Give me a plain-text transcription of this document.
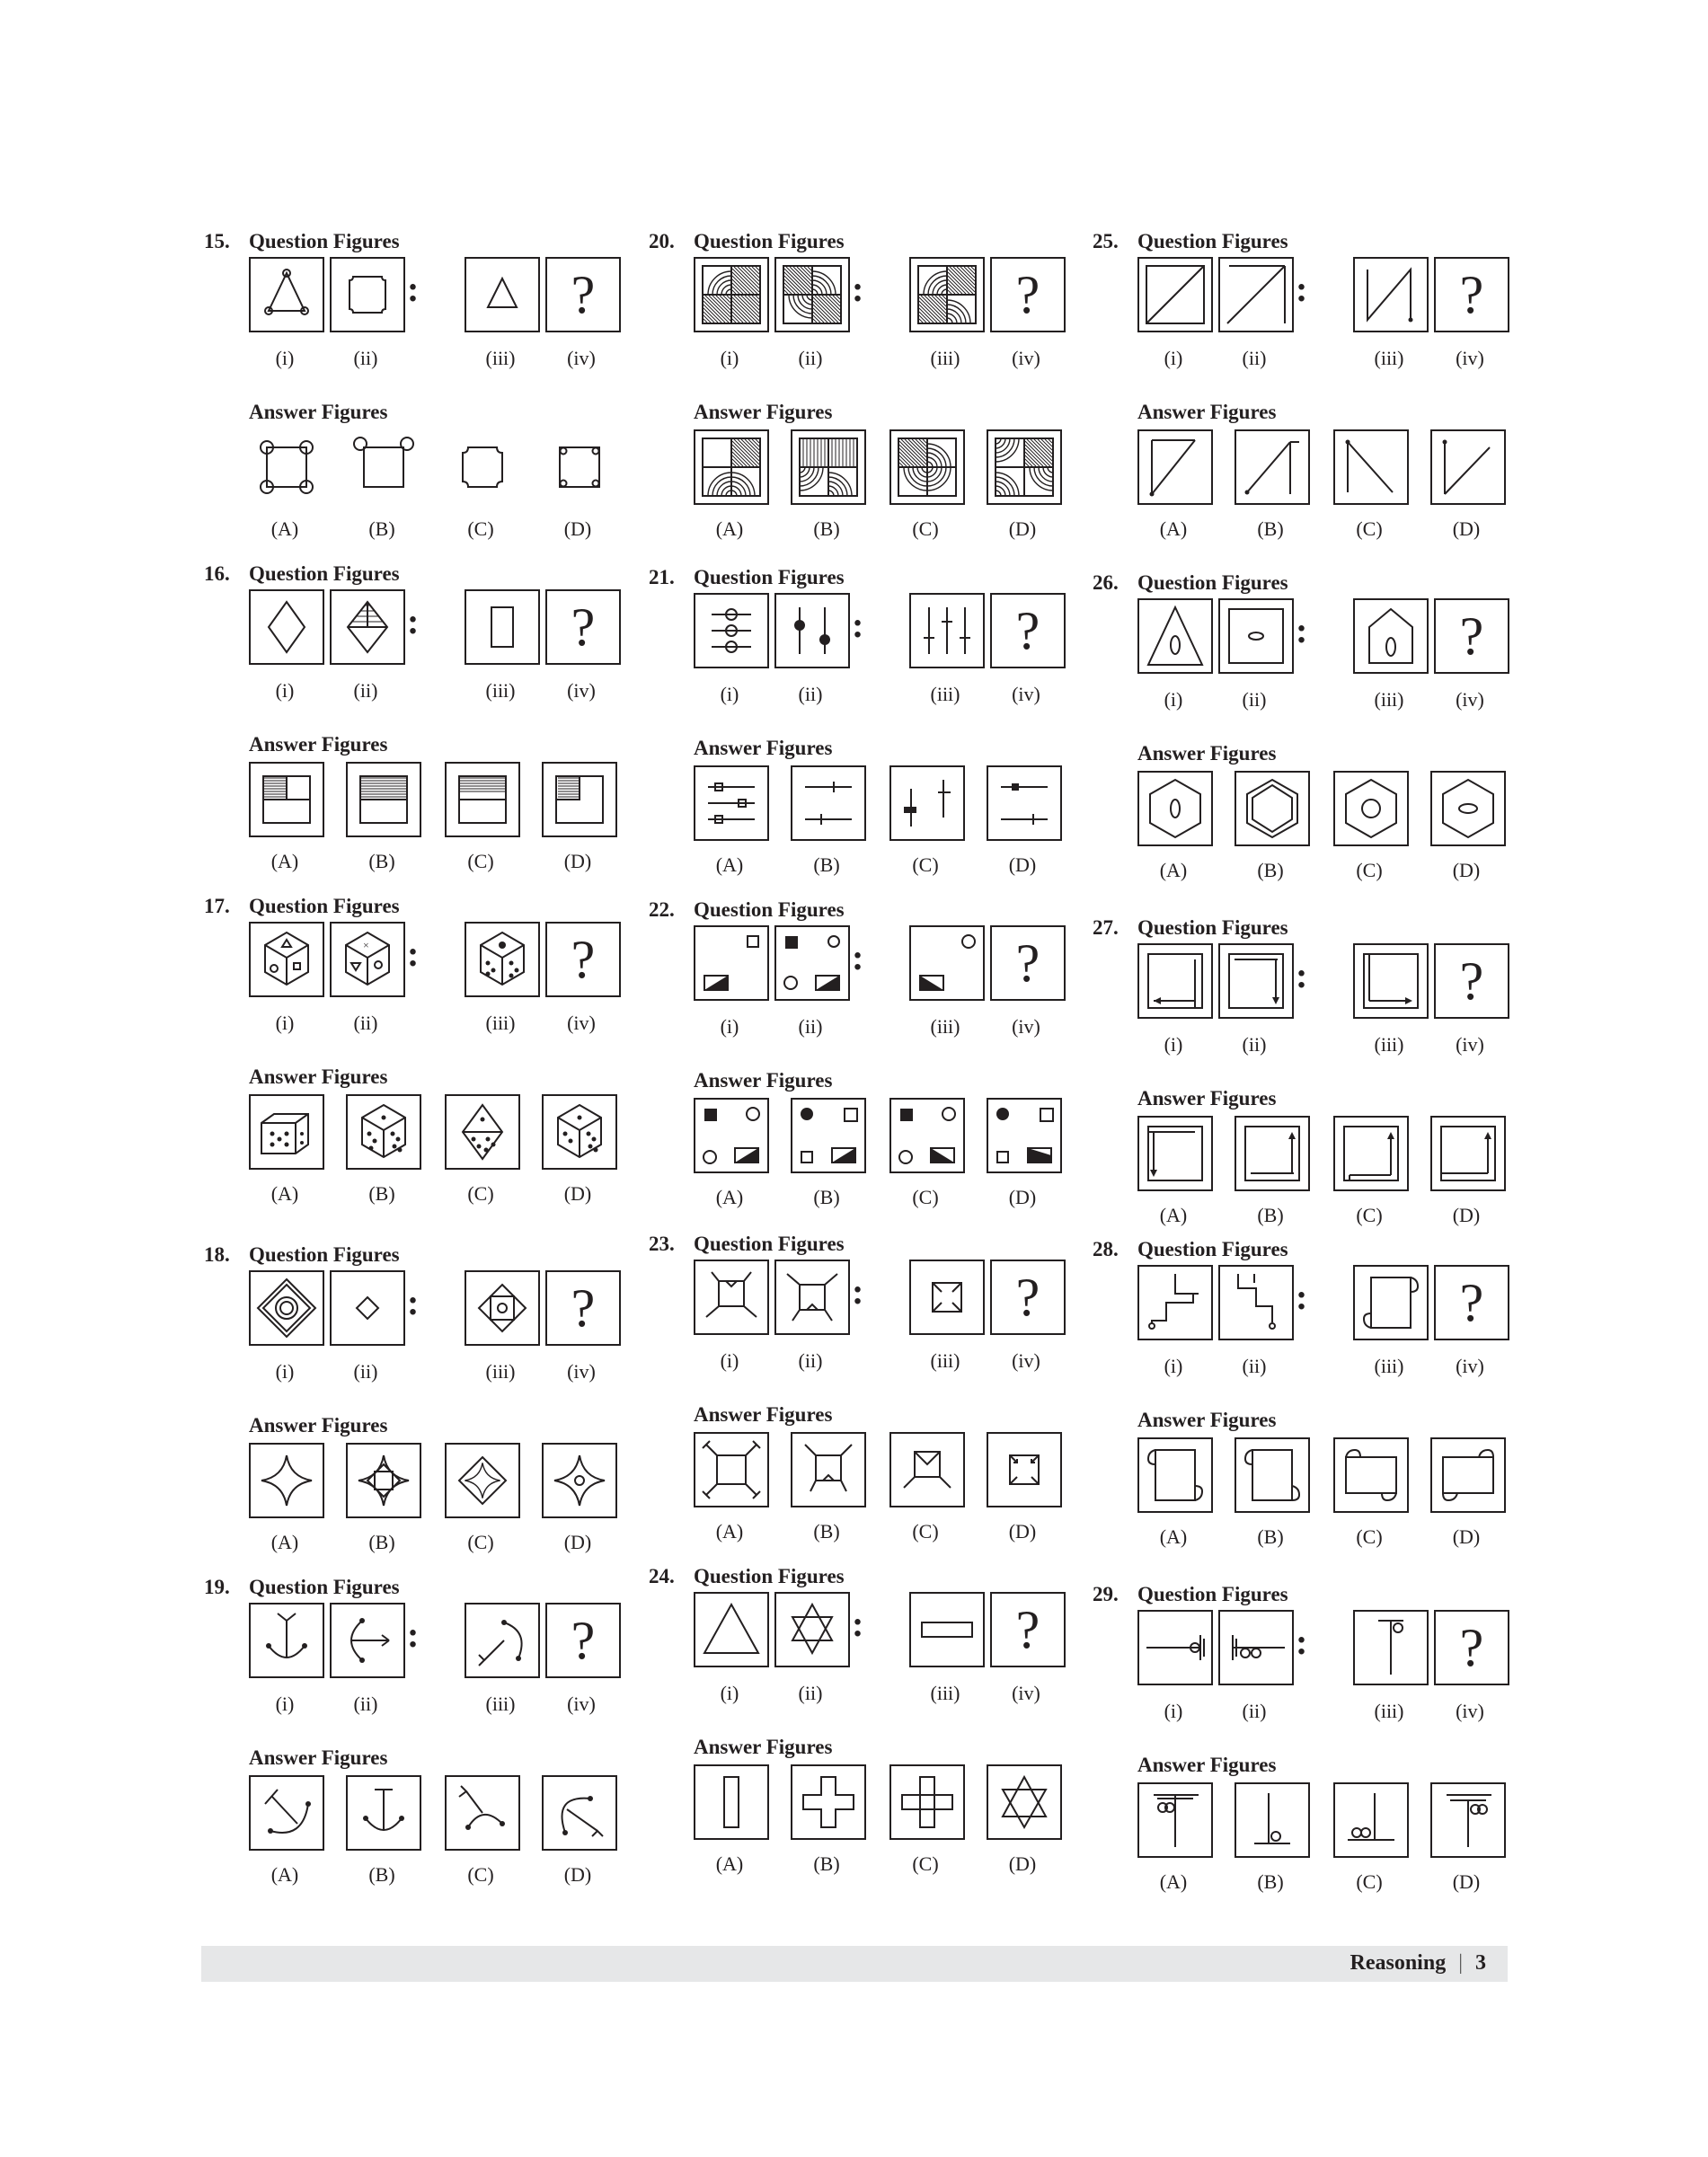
15. Question Figures
?
:
(i)	(ii)	(iii)	(iv)
Answer Figures
(A)	(B)	(C)	(D)
16. Question Figures
?
:
(i)	(ii)	(iii)	(iv)
Answer Figures
(A)	(B)	(C)	(D)
17. Question Figures
×	?
:
(i)	(ii)	(iii)	(iv)
Answer Figures
(A)	(B)	(C)	(D)
18. Question Figures
?
:
(i)	(ii)	(iii)	(iv)
Answer Figures
(A)	(B)	(C)	(D)
19. Question Figures
?
:
(i)	(ii)	(iii)	(iv)
Answer Figures
(A)	(B)	(C)	(D)
20. Question Figures
?
:
(i)	(ii)	(iii)	(iv)
Answer Figures
(A)	(B)	(C)	(D)
21. Question Figures
?
:
(i)	(ii)	(iii)	(iv)
Answer Figures
(A)	(B)	(C)	(D)
22. Question Figures
?
:
(i)	(ii)	(iii)	(iv)
Answer Figures
(A)	(B)	(C)	(D)
23. Question Figures
?
:
(i)	(ii)	(iii)	(iv)
Answer Figures
(A)	(B)	(C)	(D)
24. Question Figures
?
:
(i)	(ii)	(iii)	(iv)
Answer Figures
(A)	(B)	(C)	(D)
25. Question Figures
?
:
(i)	(ii)	(iii)	(iv)
Answer Figures
(A)	(B)	(C)	(D)
26. Question Figures
?
:
(i)	(ii)	(iii)	(iv)
Answer Figures
(A)	(B)	(C)	(D)
27. Question Figures
?
:
(i)	(ii)	(iii)	(iv)
Answer Figures
(A)	(B)	(C)	(D)
28. Question Figures
?
:
(i)	(ii)	(iii)	(iv)
Answer Figures
(A)	(B)	(C)	(D)
29. Question Figures
?
:
(i)	(ii)	(iii)	(iv)
Answer Figures
(A)	(B)	(C)	(D)
Reasoning | 3
